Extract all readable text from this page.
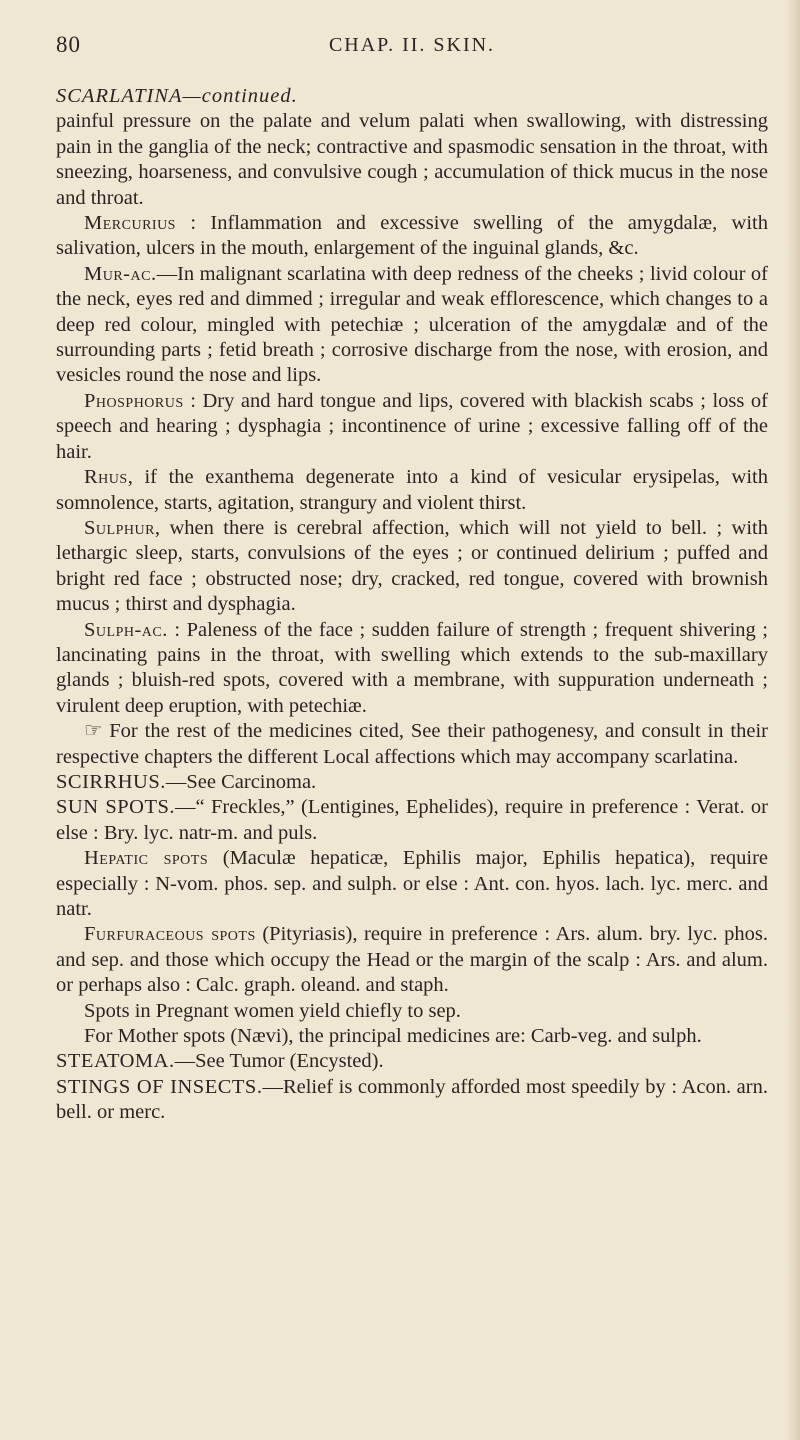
80	CHAP. II. SKIN.

SCARLATINA—continued.

painful pressure on the palate and velum palati when swallowing, with distressing pain in the ganglia of the neck; contractive and spasmodic sensation in the throat, with sneezing, hoarseness, and convulsive cough ; accumulation of thick mucus in the nose and throat.

Mercurius : Inflammation and excessive swelling of the amygdalæ, with salivation, ulcers in the mouth, enlargement of the inguinal glands, &c.

Mur-ac.—In malignant scarlatina with deep redness of the cheeks ; livid colour of the neck, eyes red and dimmed ; irregular and weak efflorescence, which changes to a deep red colour, mingled with petechiæ ; ulceration of the amygdalæ and of the surrounding parts ; fetid breath ; corrosive discharge from the nose, with erosion, and vesicles round the nose and lips.

Phosphorus : Dry and hard tongue and lips, covered with blackish scabs ; loss of speech and hearing ; dysphagia ; incontinence of urine ; excessive falling off of the hair.

Rhus, if the exanthema degenerate into a kind of vesicular erysipelas, with somnolence, starts, agitation, strangury and violent thirst.

Sulphur, when there is cerebral affection, which will not yield to bell. ; with lethargic sleep, starts, convulsions of the eyes ; or continued delirium ; puffed and bright red face ; obstructed nose; dry, cracked, red tongue, covered with brownish mucus ; thirst and dysphagia.

Sulph-ac. : Paleness of the face ; sudden failure of strength ; frequent shivering ; lancinating pains in the throat, with swelling which extends to the sub-maxillary glands ; bluish-red spots, covered with a membrane, with suppuration underneath ; virulent deep eruption, with petechiæ.

☞ For the rest of the medicines cited, See their pathogenesy, and consult in their respective chapters the different Local affections which may accompany scarlatina.

SCIRRHUS.—See Carcinoma.

SUN SPOTS.—“ Freckles,” (Lentigines, Ephelides), require in preference : Verat. or else : Bry. lyc. natr-m. and puls.

Hepatic spots (Maculæ hepaticæ, Ephilis major, Ephilis hepatica), require especially : N-vom. phos. sep. and sulph. or else : Ant. con. hyos. lach. lyc. merc. and natr.

Furfuraceous spots (Pityriasis), require in preference : Ars. alum. bry. lyc. phos. and sep. and those which occupy the Head or the margin of the scalp : Ars. and alum. or perhaps also : Calc. graph. oleand. and staph.

Spots in Pregnant women yield chiefly to sep.

For Mother spots (Nævi), the principal medicines are: Carb-veg. and sulph.

STEATOMA.—See Tumor (Encysted).

STINGS OF INSECTS.—Relief is commonly afforded most speedily by : Acon. arn. bell. or merc.
